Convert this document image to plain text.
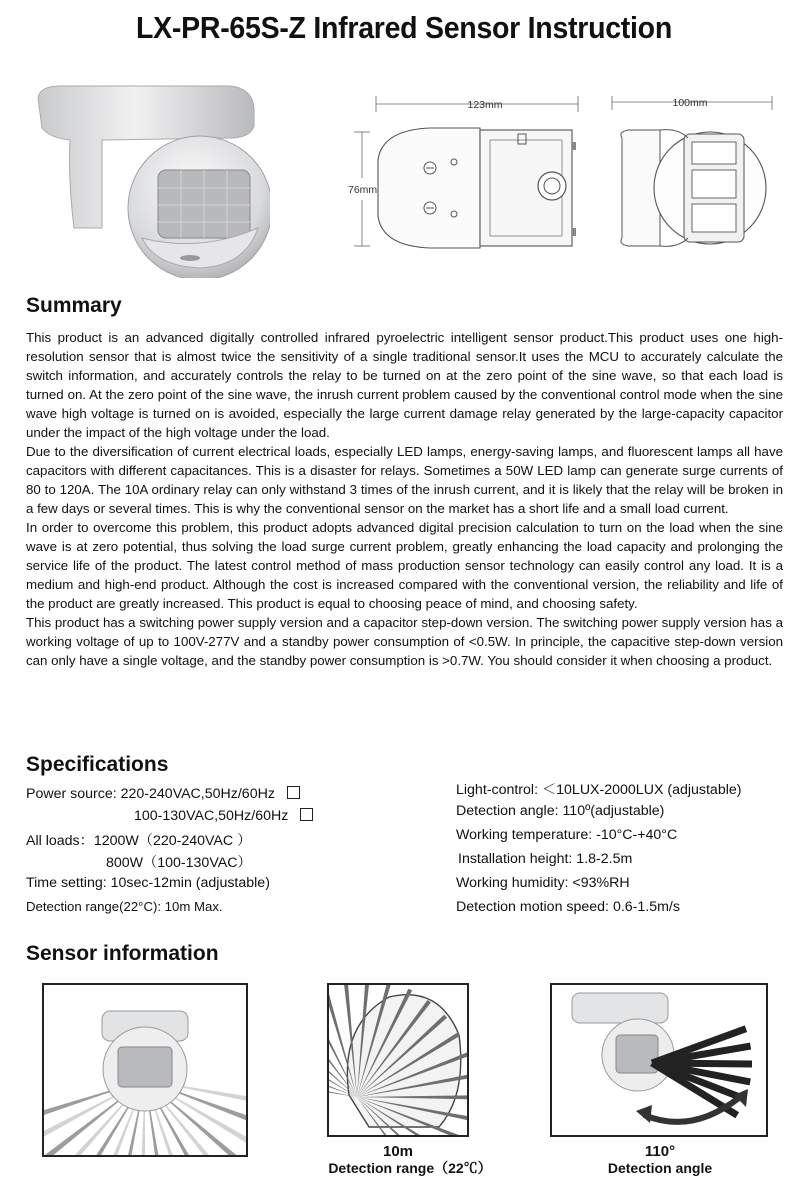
LX-PR-65S-Z Infrared Sensor Instruction
123mm
76mm
100mm
Summary

This product is an advanced digitally controlled infrared pyroelectric intelligent sensor product.This product uses one high-resolution sensor that is almost twice the sensitivity of a single traditional sensor.It uses the MCU to accurately calculate the switch information, and accurately controls the relay to be turned on at the zero point of the sine wave, so that each load is turned on. At the zero point of the sine wave, the inrush current problem caused by the conventional control mode when the sine wave high voltage is turned on is avoided, especially the large current damage relay generated by the large-capacity capacitor under the impact of the high voltage under the load.

Due to the diversification of current electrical loads, especially LED lamps, energy-saving lamps, and fluorescent lamps all have capacitors with different capacitances. This is a disaster for relays. Sometimes a 50W LED lamp can generate surge currents of 80 to 120A. The 10A ordinary relay can only withstand 3 times of the inrush current, and it is likely that the relay will be broken in a few days or several times. This is why the conventional sensor on the market has a short life and a small load current.

In order to overcome this problem, this product adopts advanced digital precision calculation to turn on the load when the sine wave is at zero potential, thus solving the load surge current problem, greatly enhancing the load capacity and prolonging the service life of the product. The latest control method of mass production sensor technology can easily control any load. It is a medium and high-end product. Although the cost is increased compared with the conventional version, the reliability and life of the product are greatly increased. This product is equal to choosing peace of mind, and choosing safety.

This product has a switching power supply version and a capacitor step-down version. The switching power supply version has a working voltage of up to 100V-277V and a standby power consumption of <0.5W. In principle, the capacitive step-down version can only have a single voltage, and the standby power consumption is >0.7W. You should consider it when choosing a product.

Specifications
Power source: 220-240VAC,50Hz/60Hz
100-130VAC,50Hz/60Hz
All loads：1200W（220-240VAC ）
800W（100-130VAC）
Time setting: 10sec-12min (adjustable)
Detection range(22°C): 10m Max.
Light-control: ＜10LUX-2000LUX (adjustable)
Detection angle: 110º(adjustable)
Working temperature: -10°C-+40°C
Installation height: 1.8-2.5m
Working humidity: <93%RH
Detection motion speed: 0.6-1.5m/s
Sensor information
10m
Detection range（22℃）
110°
Detection angle
